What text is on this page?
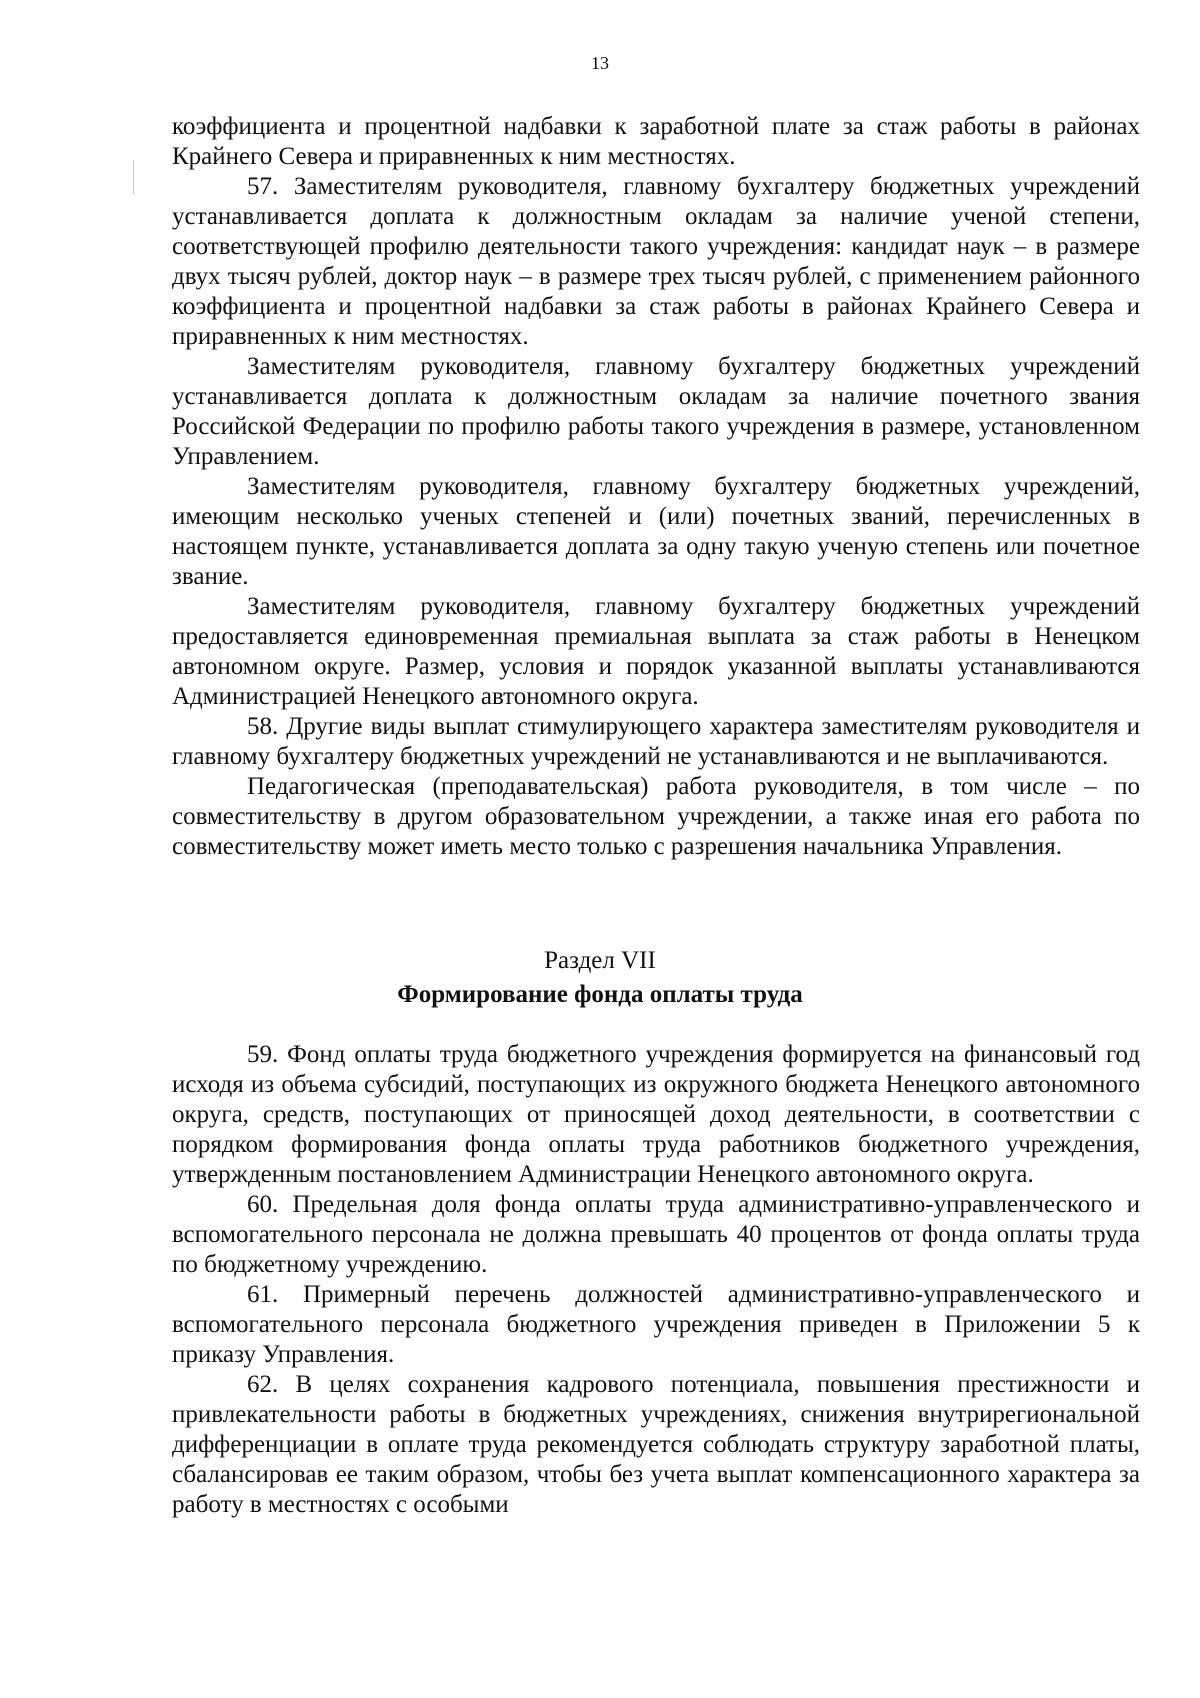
13

коэффициента и процентной надбавки к заработной плате за стаж работы в районах Крайнего Севера и приравненных к ним местностях.

57. Заместителям руководителя, главному бухгалтеру бюджетных учреждений устанавливается доплата к должностным окладам за наличие ученой степени, соответствующей профилю деятельности такого учреждения: кандидат наук – в размере двух тысяч рублей, доктор наук – в размере трех тысяч рублей, с применением районного коэффициента и процентной надбавки за стаж работы в районах Крайнего Севера и приравненных к ним местностях.

Заместителям руководителя, главному бухгалтеру бюджетных учреждений устанавливается доплата к должностным окладам за наличие почетного звания Российской Федерации по профилю работы такого учреждения в размере, установленном Управлением.

Заместителям руководителя, главному бухгалтеру бюджетных учреждений, имеющим несколько ученых степеней и (или) почетных званий, перечисленных в настоящем пункте, устанавливается доплата за одну такую ученую степень или почетное звание.

Заместителям руководителя, главному бухгалтеру бюджетных учреждений предоставляется единовременная премиальная выплата за стаж работы в Ненецком автономном округе. Размер, условия и порядок указанной выплаты устанавливаются Администрацией Ненецкого автономного округа.

58. Другие виды выплат стимулирующего характера заместителям руководителя и главному бухгалтеру бюджетных учреждений не устанавливаются и не выплачиваются.

Педагогическая (преподавательская) работа руководителя, в том числе – по совместительству в другом образовательном учреждении, а также иная его работа по совместительству может иметь место только с разрешения начальника Управления.

Раздел VII
Формирование фонда оплаты труда

59. Фонд оплаты труда бюджетного учреждения формируется на финансовый год исходя из объема субсидий, поступающих из окружного бюджета Ненецкого автономного округа, средств, поступающих от приносящей доход деятельности, в соответствии с порядком формирования фонда оплаты труда работников бюджетного учреждения, утвержденным постановлением Администрации Ненецкого автономного округа.

60. Предельная доля фонда оплаты труда административно-управленческого и вспомогательного персонала не должна превышать 40 процентов от фонда оплаты труда по бюджетному учреждению.

61. Примерный перечень должностей административно-управленческого и вспомогательного персонала бюджетного учреждения приведен в Приложении 5 к приказу Управления.

62. В целях сохранения кадрового потенциала, повышения престижности и привлекательности работы в бюджетных учреждениях, снижения внутрирегиональной дифференциации в оплате труда рекомендуется соблюдать структуру заработной платы, сбалансировав ее таким образом, чтобы без учета выплат компенсационного характера за работу в местностях с особыми
